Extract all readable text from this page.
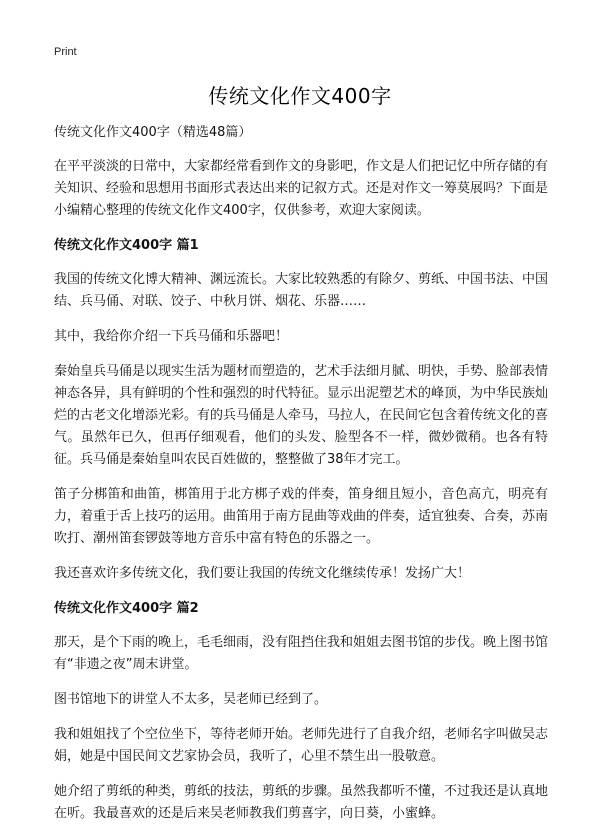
Print
传统文化作文400字

传统文化作文400字（精选48篇）

在平平淡淡的日常中，大家都经常看到作文的身影吧，作文是人们把记忆中所存储的有关知识、经验和思想用书面形式表达出来的记叙方式。还是对作文一筹莫展吗？下面是小编精心整理的传统文化作文400字，仅供参考，欢迎大家阅读。

传统文化作文400字 篇1

我国的传统文化博大精神、渊远流长。大家比较熟悉的有除夕、剪纸、中国书法、中国结、兵马俑、对联、饺子、中秋月饼、烟花、乐器……

其中，我给你介绍一下兵马俑和乐器吧！

秦始皇兵马俑是以现实生活为题材而塑造的，艺术手法细月腻、明快，手势、脸部表情神态各异，具有鲜明的个性和强烈的时代特征。显示出泥塑艺术的峰顶，为中华民族灿烂的古老文化增添光彩。有的兵马俑是人牵马，马拉人，在民间它包含着传统文化的喜气。虽然年已久，但再仔细观看，他们的头发、脸型各不一样，微妙微稍。也各有特征。兵马俑是秦始皇叫农民百姓做的，整整做了38年才完工。

笛子分梆笛和曲笛，梆笛用于北方梆子戏的伴奏，笛身细且短小，音色高亢，明亮有力，着重于舌上技巧的运用。曲笛用于南方昆曲等戏曲的伴奏，适宜独奏、合奏，苏南吹打、潮州笛套锣鼓等地方音乐中富有特色的乐器之一。

我还喜欢许多传统文化，我们要让我国的传统文化继续传承！发扬广大！

传统文化作文400字 篇2

那天，是个下雨的晚上，毛毛细雨，没有阻挡住我和姐姐去图书馆的步伐。晚上图书馆有“非遗之夜”周末讲堂。

图书馆地下的讲堂人不太多，吴老师已经到了。

我和姐姐找了个空位坐下，等待老师开始。老师先进行了自我介绍，老师名字叫做吴志娟，她是中国民间文艺家协会员，我听了，心里不禁生出一股敬意。

她介绍了剪纸的种类，剪纸的技法，剪纸的步骤。虽然我都听不懂，不过我还是认真地在听。我最喜欢的还是后来吴老师教我们剪喜字，向日葵，小蜜蜂。
